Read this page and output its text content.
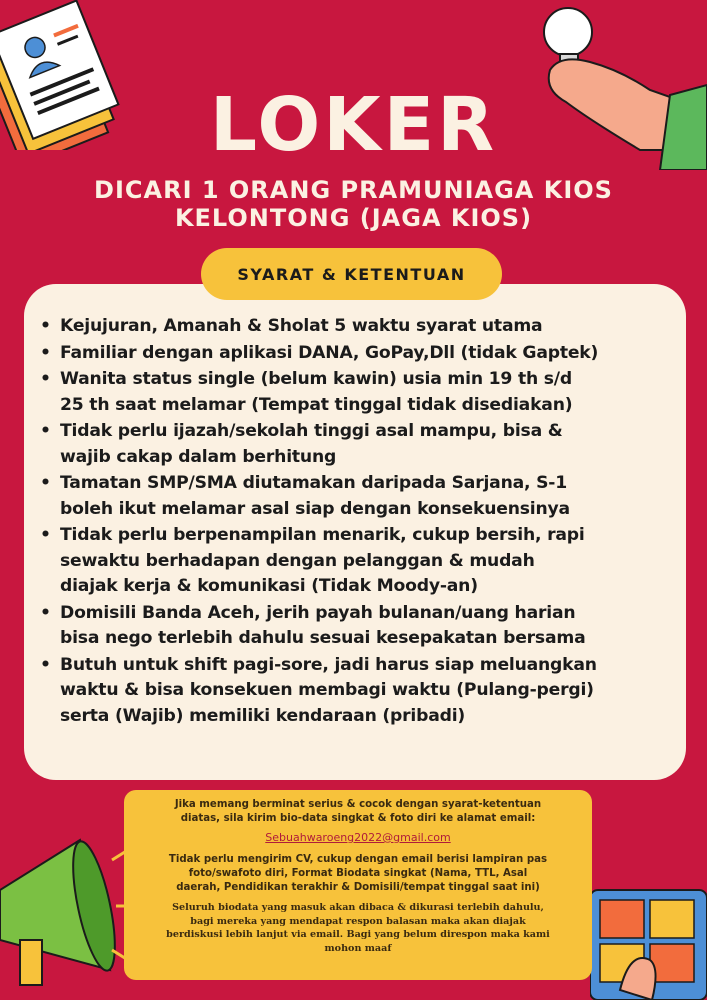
LOKER
DICARI 1 ORANG PRAMUNIAGA KIOS
KELONTONG (JAGA KIOS)
SYARAT & KETENTUAN
• Kejujuran, Amanah & Sholat 5 waktu syarat utama
• Familiar dengan aplikasi DANA, GoPay,Dll (tidak Gaptek)
• Wanita status single (belum kawin) usia min 19 th s/d
25 th saat melamar (Tempat tinggal tidak disediakan)
• Tidak perlu ijazah/sekolah tinggi asal mampu, bisa &
wajib cakap dalam berhitung
• Tamatan SMP/SMA diutamakan daripada Sarjana, S-1
boleh ikut melamar asal siap dengan konsekuensinya
• Tidak perlu berpenampilan menarik, cukup bersih, rapi
sewaktu berhadapan dengan pelanggan & mudah
diajak kerja & komunikasi (Tidak Moody-an)
• Domisili Banda Aceh, jerih payah bulanan/uang harian
bisa nego terlebih dahulu sesuai kesepakatan bersama
• Butuh untuk shift pagi-sore, jadi harus siap meluangkan
waktu & bisa konsekuen membagi waktu (Pulang-pergi)
serta (Wajib) memiliki kendaraan (pribadi)

Jika memang berminat serius & cocok dengan syarat-ketentuan
diatas, sila kirim bio-data singkat & foto diri ke alamat email:

Sebuahwaroeng2022@gmail.com

Tidak perlu mengirim CV, cukup dengan email berisi lampiran pas
foto/swafoto diri, Format Biodata singkat (Nama, TTL, Asal
daerah, Pendidikan terakhir & Domisili/tempat tinggal saat ini)

Seluruh biodata yang masuk akan dibaca & dikurasi terlebih dahulu,
bagi mereka yang mendapat respon balasan maka akan diajak
berdiskusi lebih lanjut via email. Bagi yang belum direspon maka kami
mohon maaf
